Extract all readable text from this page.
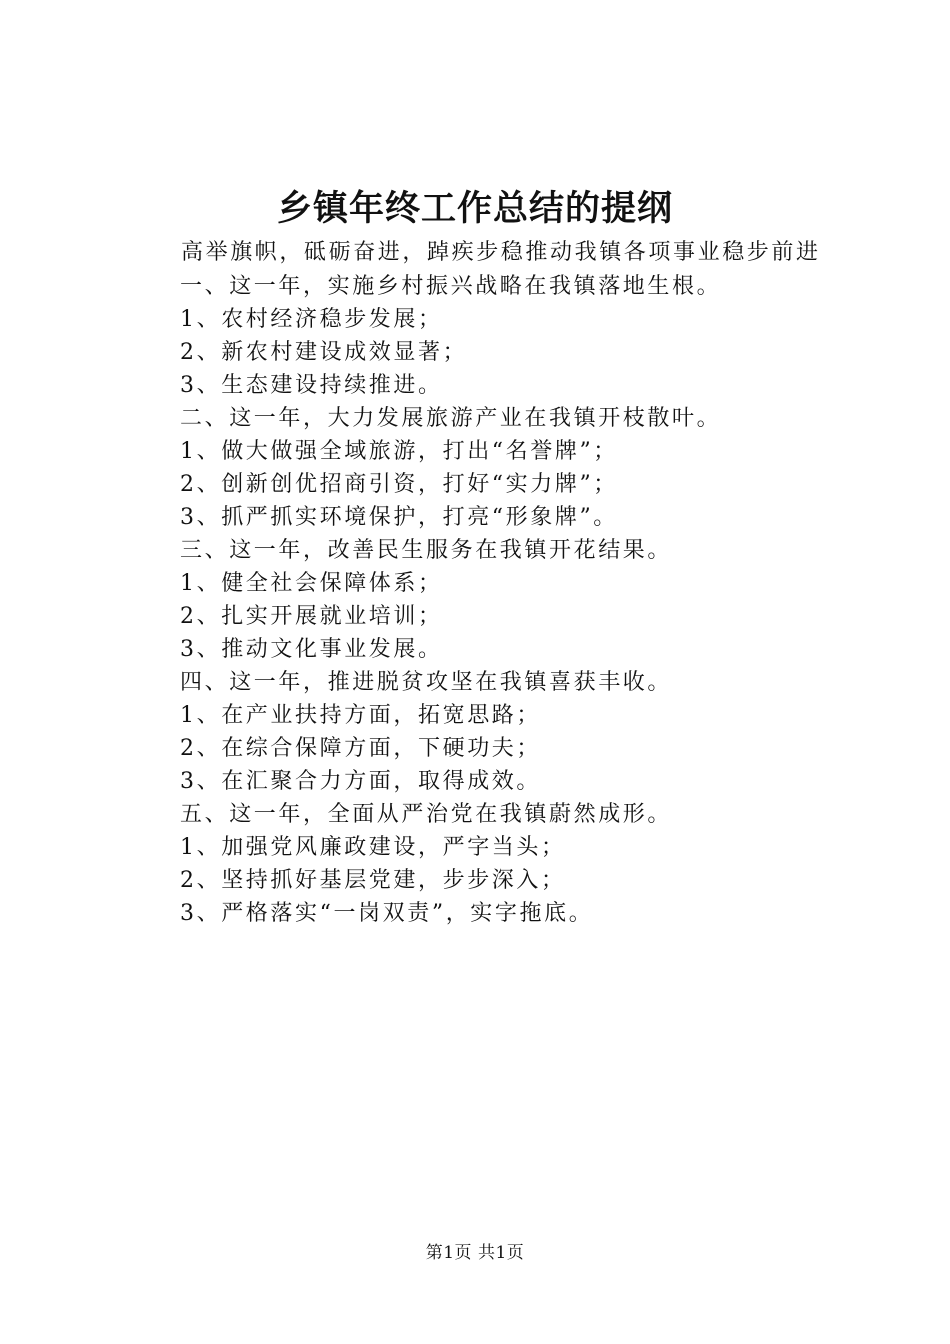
乡镇年终工作总结的提纲

高举旗帜，砥砺奋进，踔疾步稳推动我镇各项事业稳步前进

一、这一年，实施乡村振兴战略在我镇落地生根。
1、农村经济稳步发展；
2、新农村建设成效显著；
3、生态建设持续推进。
二、这一年，大力发展旅游产业在我镇开枝散叶。
1、做大做强全域旅游，打出“名誉牌”；
2、创新创优招商引资，打好“实力牌”；
3、抓严抓实环境保护，打亮“形象牌”。
三、这一年，改善民生服务在我镇开花结果。
1、健全社会保障体系；
2、扎实开展就业培训；
3、推动文化事业发展。
四、这一年，推进脱贫攻坚在我镇喜获丰收。
1、在产业扶持方面，拓宽思路；
2、在综合保障方面，下硬功夫；
3、在汇聚合力方面，取得成效。
五、这一年，全面从严治党在我镇蔚然成形。
1、加强党风廉政建设，严字当头；
2、坚持抓好基层党建，步步深入；
3、严格落实“一岗双责”，实字拖底。
第1页 共1页
